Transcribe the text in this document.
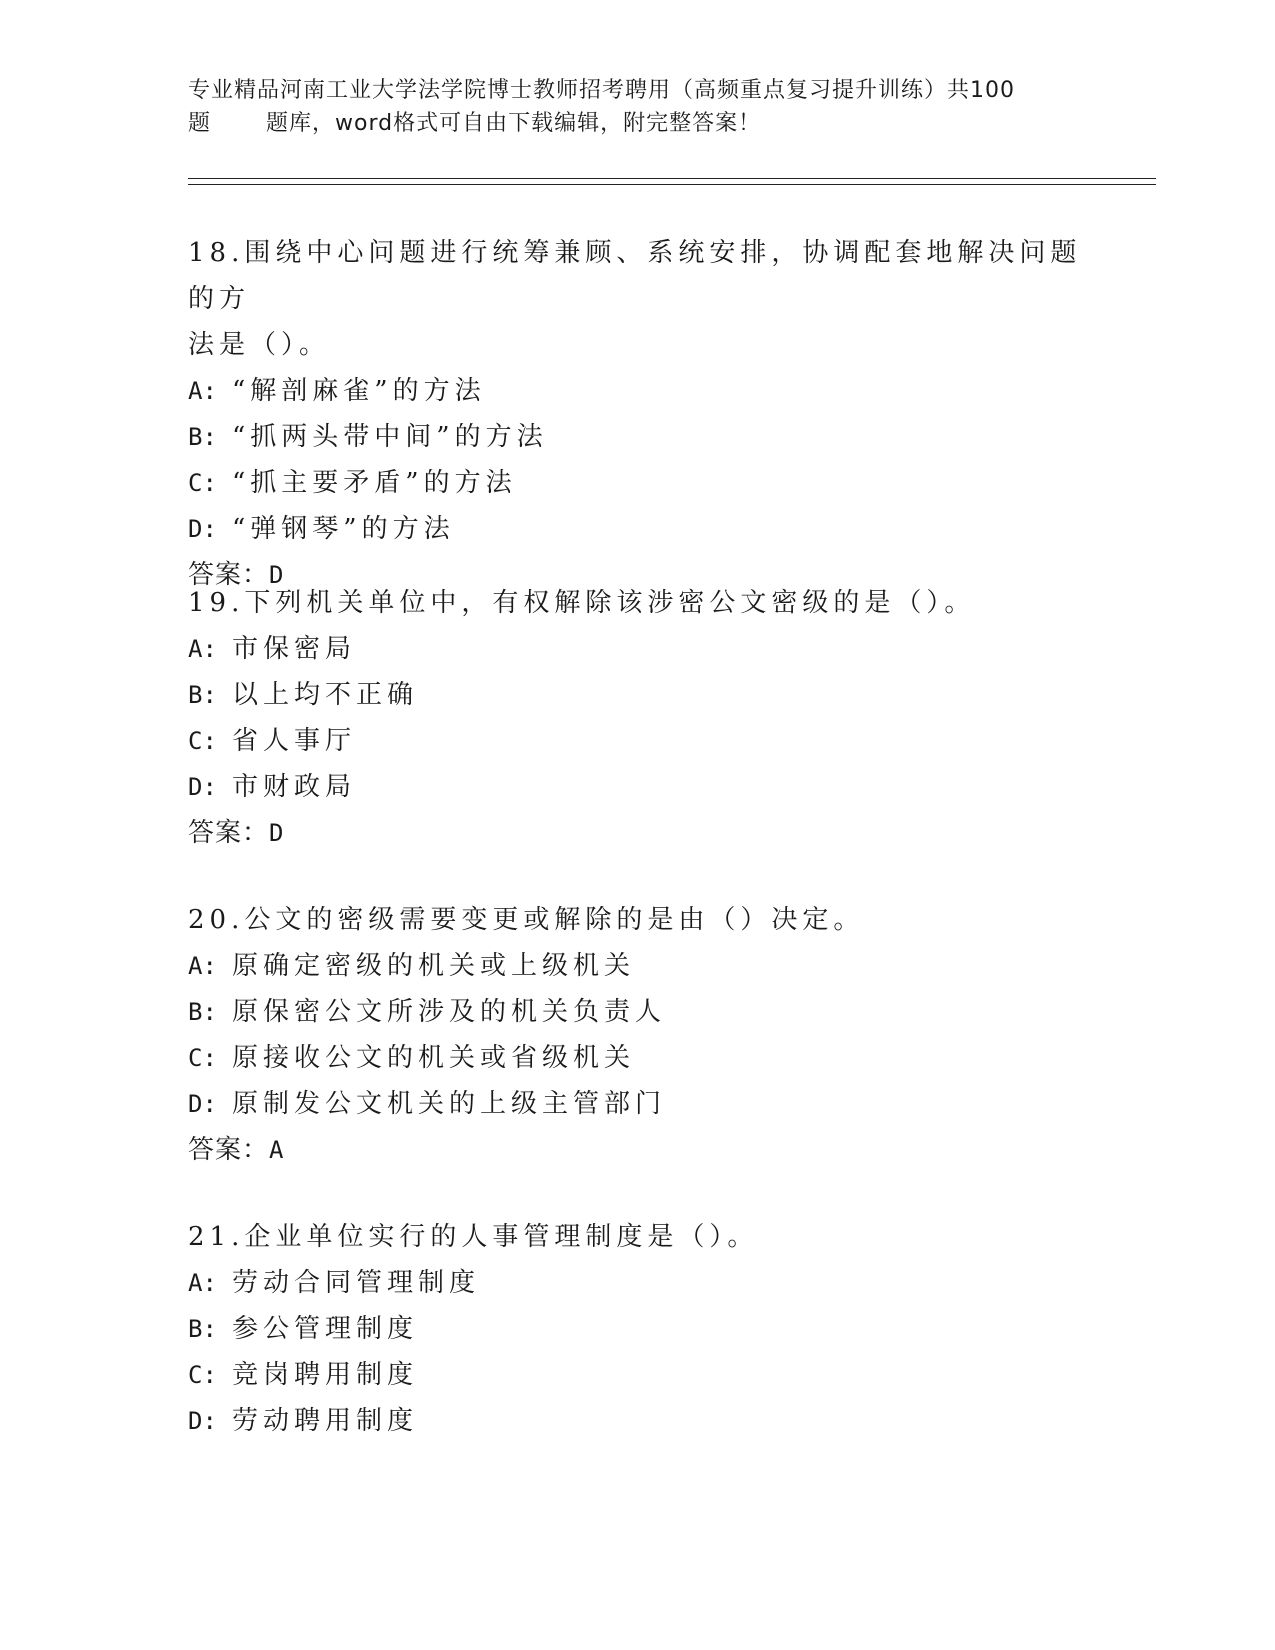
专业精品河南工业大学法学院博士教师招考聘用（高频重点复习提升训练）共100
题	题库，word格式可自由下载编辑，附完整答案！
18.围绕中心问题进行统筹兼顾、系统安排，协调配套地解决问题的方
法是（）。
A: “解剖麻雀”的方法
B: “抓两头带中间”的方法
C: “抓主要矛盾”的方法
D: “弹钢琴”的方法
答案：D
19.下列机关单位中，有权解除该涉密公文密级的是（）。
A: 市保密局
B: 以上均不正确
C: 省人事厅
D: 市财政局
答案：D
20.公文的密级需要变更或解除的是由（）决定。
A: 原确定密级的机关或上级机关
B: 原保密公文所涉及的机关负责人
C: 原接收公文的机关或省级机关
D: 原制发公文机关的上级主管部门
答案：A
21.企业单位实行的人事管理制度是（）。
A: 劳动合同管理制度
B: 参公管理制度
C: 竞岗聘用制度
D: 劳动聘用制度
